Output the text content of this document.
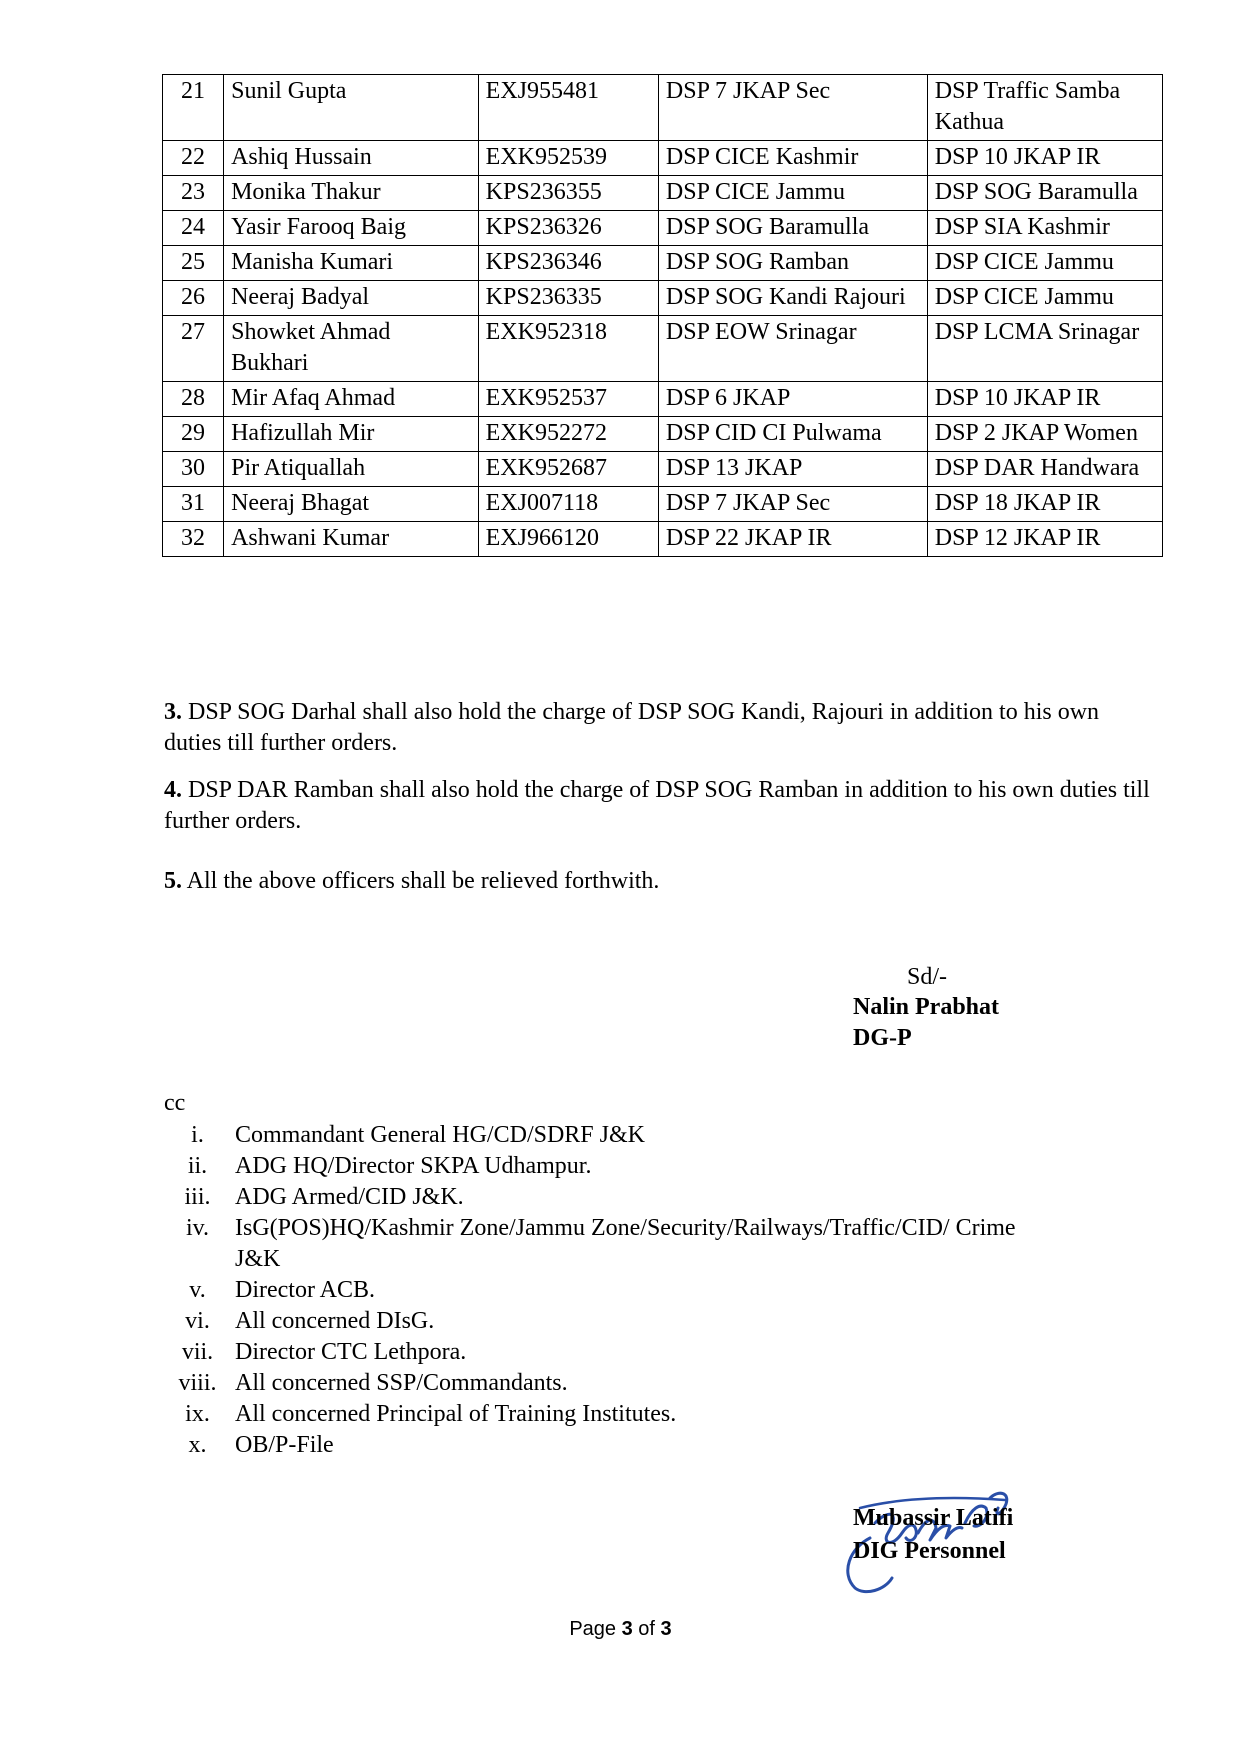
21	Sunil Gupta	EXJ955481	DSP 7 JKAP Sec	DSP Traffic Samba Kathua
22	Ashiq Hussain	EXK952539	DSP CICE Kashmir	DSP 10 JKAP IR
23	Monika Thakur	KPS236355	DSP CICE Jammu	DSP SOG Baramulla
24	Yasir Farooq Baig	KPS236326	DSP SOG Baramulla	DSP SIA Kashmir
25	Manisha Kumari	KPS236346	DSP SOG Ramban	DSP CICE Jammu
26	Neeraj Badyal	KPS236335	DSP SOG Kandi Rajouri	DSP CICE Jammu
27	Showket Ahmad Bukhari	EXK952318	DSP EOW Srinagar	DSP LCMA Srinagar
28	Mir Afaq Ahmad	EXK952537	DSP 6 JKAP	DSP 10 JKAP IR
29	Hafizullah Mir	EXK952272	DSP CID CI Pulwama	DSP 2 JKAP Women
30	Pir Atiquallah	EXK952687	DSP 13 JKAP	DSP DAR Handwara
31	Neeraj Bhagat	EXJ007118	DSP 7 JKAP Sec	DSP 18 JKAP IR
32	Ashwani Kumar	EXJ966120	DSP 22 JKAP IR	DSP 12 JKAP IR

3. DSP SOG Darhal shall also hold the charge of DSP SOG Kandi, Rajouri in addition to his own duties till further orders.

4. DSP DAR Ramban shall also hold the charge of DSP SOG Ramban in addition to his own duties till further orders.

5. All the above officers shall be relieved forthwith.

Sd/-
Nalin Prabhat
DG-P
cc
i.	Commandant General HG/CD/SDRF J&K
ii.	ADG HQ/Director SKPA Udhampur.
iii.	ADG Armed/CID J&K.
iv.	IsG(POS)HQ/Kashmir Zone/Jammu Zone/Security/Railways/Traffic/CID/ Crime J&K
v.	Director ACB.
vi.	All concerned DIsG.
vii. Director CTC Lethpora.
viii. All concerned SSP/Commandants.
ix.	All concerned Principal of Training Institutes.
x.	OB/P-File
Mubassir Latifi
DIG Personnel
Page 3 of 3
